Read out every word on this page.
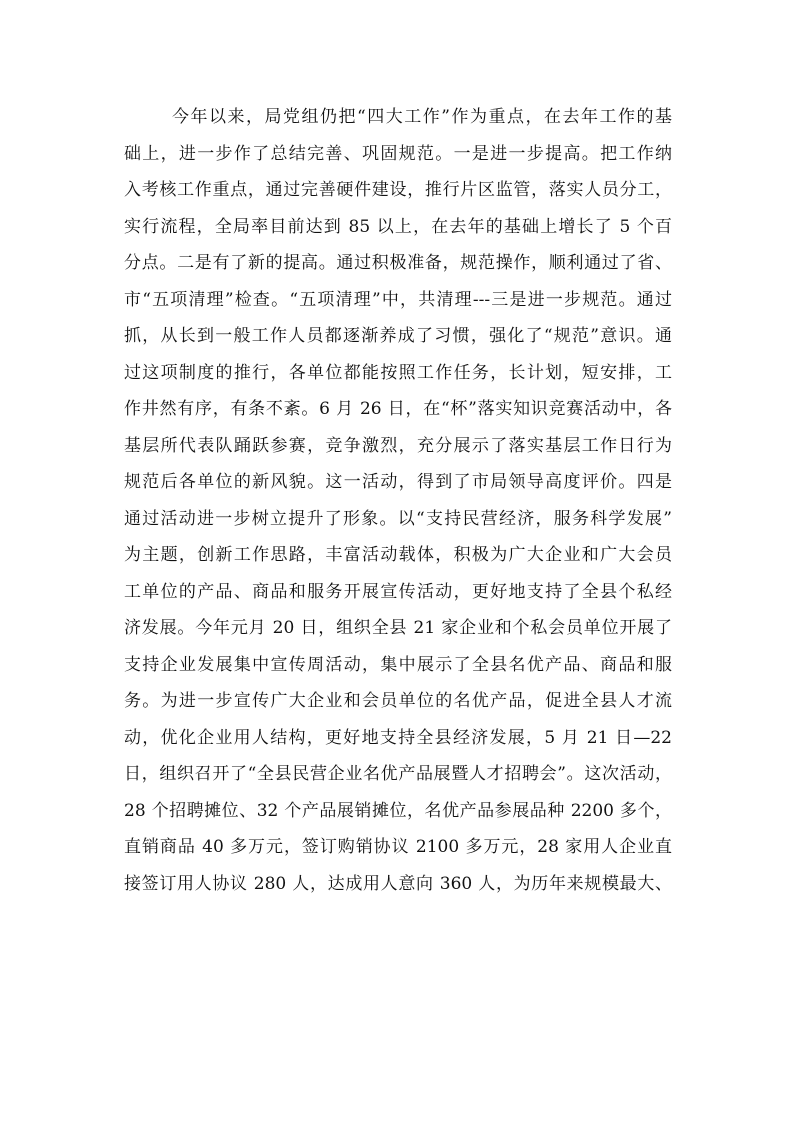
今年以来，局党组仍把“四大工作”作为重点，在去年工作的基
础上，进一步作了总结完善、巩固规范。一是进一步提高。把工作纳
入考核工作重点，通过完善硬件建设，推行片区监管，落实人员分工，
实行流程，全局率目前达到 85 以上，在去年的基础上增长了 5 个百
分点。二是有了新的提高。通过积极准备，规范操作，顺利通过了省、
市“五项清理”检查。“五项清理”中，共清理---三是进一步规范。通过
抓，从长到一般工作人员都逐渐养成了习惯，强化了“规范”意识。通
过这项制度的推行，各单位都能按照工作任务，长计划，短安排，工
作井然有序，有条不紊。6 月 26 日，在“杯”落实知识竞赛活动中，各
基层所代表队踊跃参赛，竞争激烈，充分展示了落实基层工作日行为
规范后各单位的新风貌。这一活动，得到了市局领导高度评价。四是
通过活动进一步树立提升了形象。以“支持民营经济，服务科学发展”
为主题，创新工作思路，丰富活动载体，积极为广大企业和广大会员
工单位的产品、商品和服务开展宣传活动，更好地支持了全县个私经
济发展。今年元月 20 日，组织全县 21 家企业和个私会员单位开展了
支持企业发展集中宣传周活动，集中展示了全县名优产品、商品和服
务。为进一步宣传广大企业和会员单位的名优产品，促进全县人才流
动，优化企业用人结构，更好地支持全县经济发展，5 月 21 日—22
日，组织召开了“全县民营企业名优产品展暨人才招聘会”。这次活动，
28 个招聘摊位、32 个产品展销摊位，名优产品参展品种 2200 多个，
直销商品 40 多万元，签订购销协议 2100 多万元，28 家用人企业直
接签订用人协议 280 人，达成用人意向 360 人，为历年来规模最大、
